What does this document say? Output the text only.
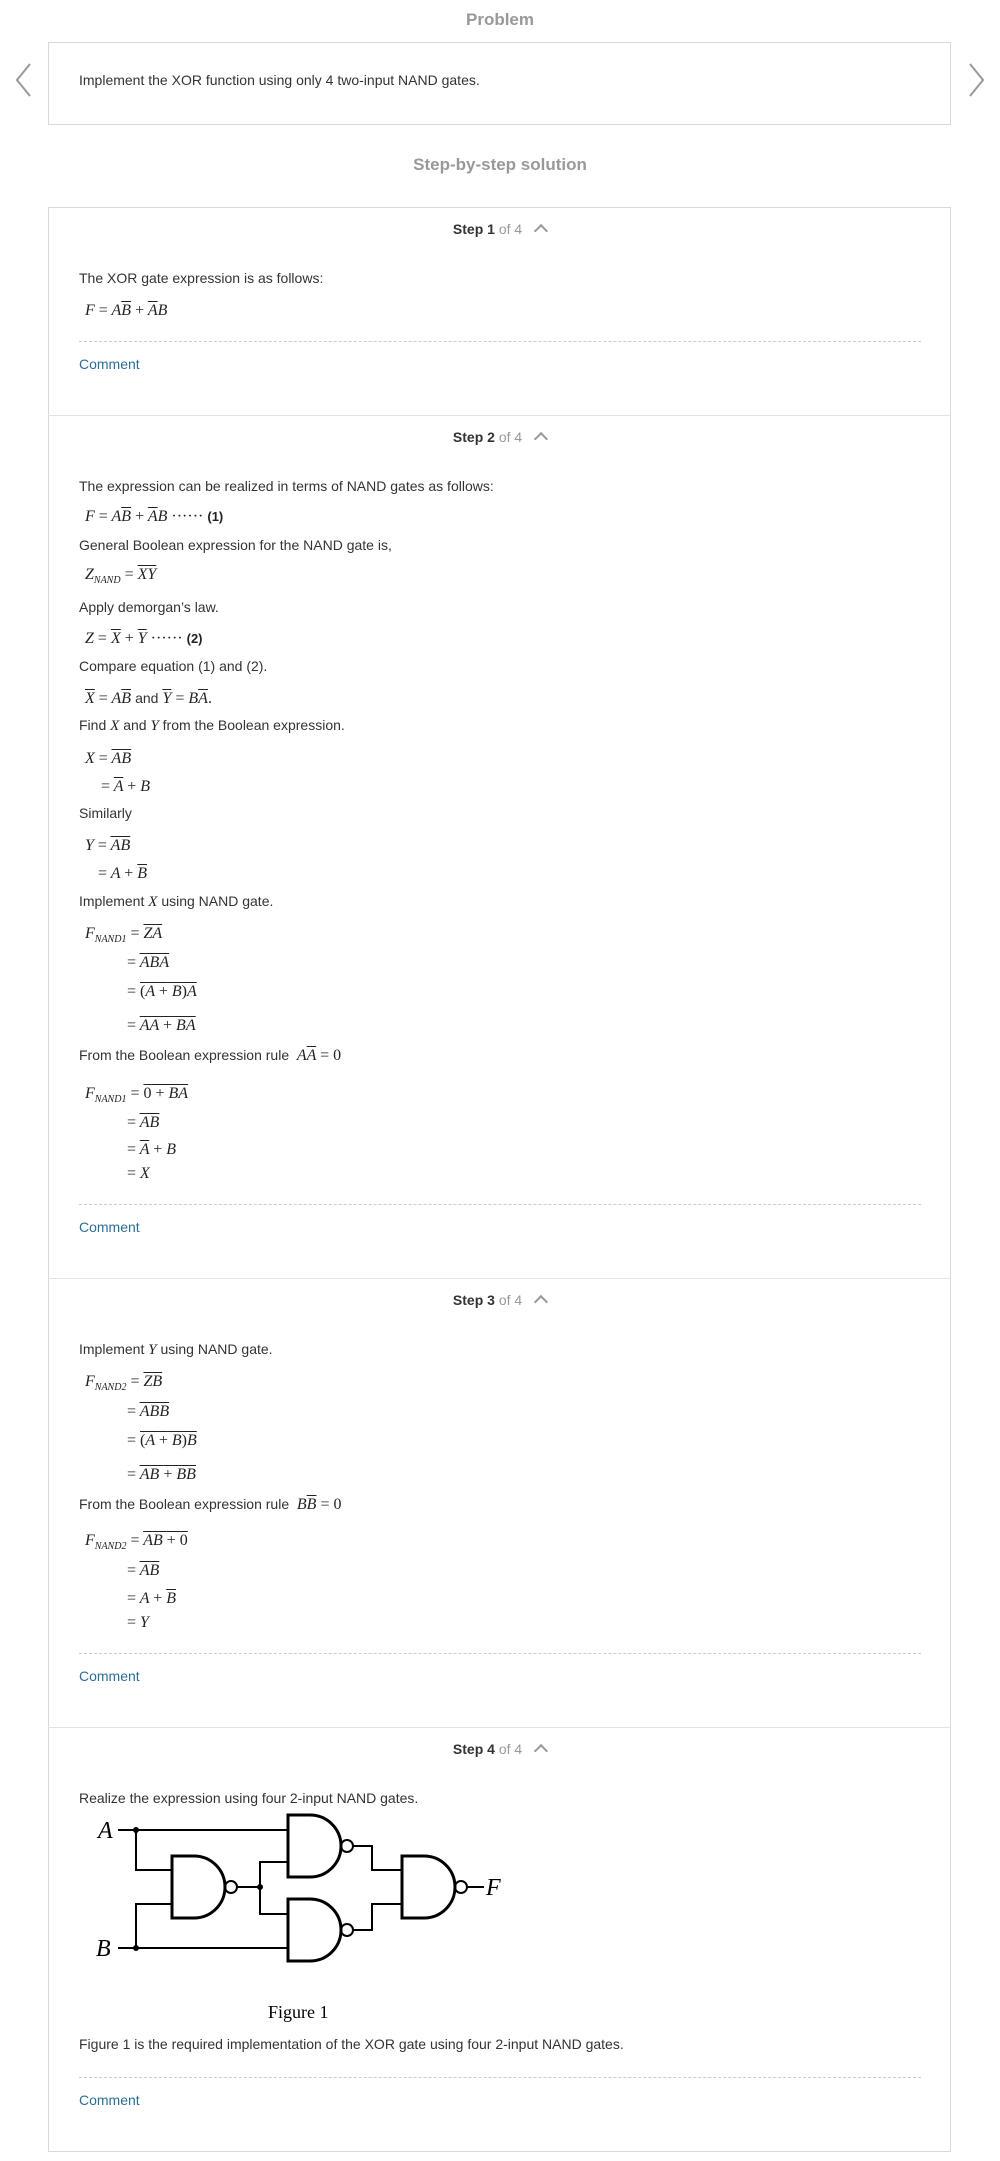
Problem
Implement the XOR function using only 4 two-input NAND gates.
Step-by-step solution
Step 1 of 4
The XOR gate expression is as follows:
$F = A\overline{B} + \overline{A}B$
Comment
Step 2 of 4
The expression can be realized in terms of NAND gates as follows:
$F = A\overline{B} + \overline{A}B$ ······ (1)
General Boolean expression for the NAND gate is,
$Z_{NAND} = \overline{XY}$
Apply demorgan’s law.
$Z = \overline{X} + \overline{Y}$ ······ (2)
Compare equation (1) and (2).
$\overline{X} = A\overline{B}$ and $\overline{Y} = B\overline{A}$.
Find X and Y from the Boolean expression.
X = AB
= $\overline{A} + B$
Similarly
Y = AB
= $A + \overline{B}$
Implement X using NAND gate.
$F_{NAND1} = \overline{ZA}$
= ABA
= (A + B)A
= AA + BA
From the Boolean expression rule $A\overline{A} = 0$
$F_{NAND1} = 0$ + BA
= AB
= $\overline{A} + B$
= X
Comment
Step 3 of 4
Implement Y using NAND gate.
$F_{NAND2} = \overline{ZB}$
= ABB
= (A + B)B
= AB + BB
From the Boolean expression rule $B\overline{B} = 0$
$F_{NAND2}$ = AB + 0
= AB
= $A + \overline{B}$
= Y
Comment
Step 4 of 4
Realize the expression using four 2-input NAND gates.
A
B
F
Figure 1
Figure 1 is the required implementation of the XOR gate using four 2-input NAND gates.
Comment
